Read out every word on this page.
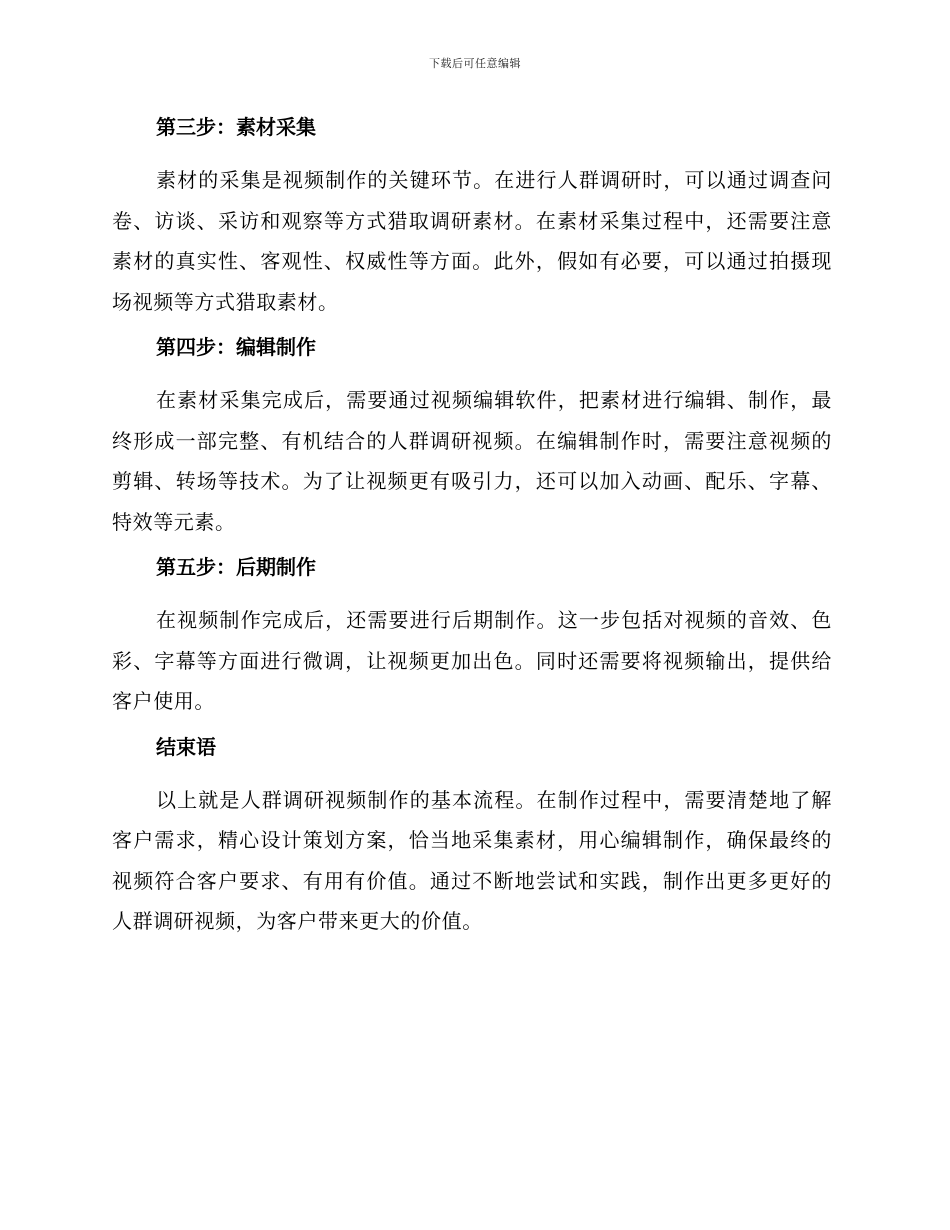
下载后可任意编辑
第三步：素材采集

素材的采集是视频制作的关键环节。在进行人群调研时，可以通过调查问卷、访谈、采访和观察等方式猎取调研素材。在素材采集过程中，还需要注意素材的真实性、客观性、权威性等方面。此外，假如有必要，可以通过拍摄现场视频等方式猎取素材。

第四步：编辑制作

在素材采集完成后，需要通过视频编辑软件，把素材进行编辑、制作，最终形成一部完整、有机结合的人群调研视频。在编辑制作时，需要注意视频的剪辑、转场等技术。为了让视频更有吸引力，还可以加入动画、配乐、字幕、特效等元素。

第五步：后期制作

在视频制作完成后，还需要进行后期制作。这一步包括对视频的音效、色彩、字幕等方面进行微调，让视频更加出色。同时还需要将视频输出，提供给客户使用。

结束语

以上就是人群调研视频制作的基本流程。在制作过程中，需要清楚地了解客户需求，精心设计策划方案，恰当地采集素材，用心编辑制作，确保最终的视频符合客户要求、有用有价值。通过不断地尝试和实践，制作出更多更好的人群调研视频，为客户带来更大的价值。
